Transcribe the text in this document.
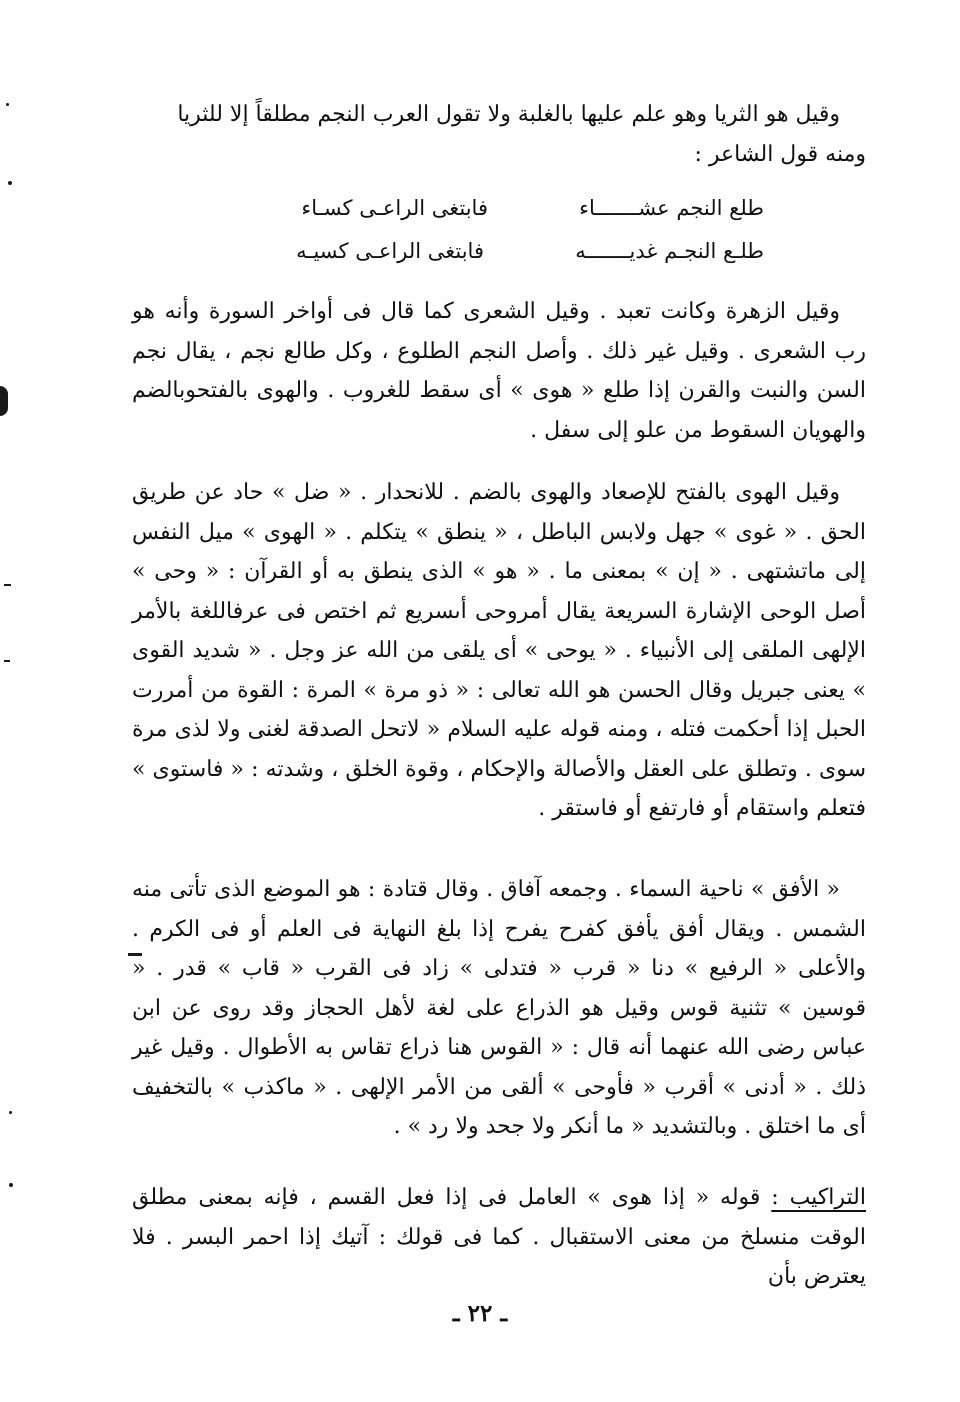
وقيل هو الثريا وهو علم عليها بالغلبة ولا تقول العرب النجم مطلقاً إلا للثريا

ومنه قول الشاعر :

طلع النجم عشـــــــاء
فابتغى الراعـى كسـاء
طلـع النجـم غديـــــــه
فابتغى الراعـى كسيـه

وقيل الزهرة وكانت تعبد . وقيل الشعرى كما قال فى أواخر السورة وأنه هو رب الشعرى . وقيل غير ذلك . وأصل النجم الطلوع ، وكل طالع نجم ، يقال نجم السن والنبت والقرن إذا طلع « هوى » أى سقط للغروب . والهوى بالفتحوبالضم والهويان السقوط من علو إلى سفل .

وقيل الهوى بالفتح للإصعاد والهوى بالضم . للانحدار . « ضل » حاد عن طريق الحق . « غوى » جهل ولابس الباطل ، « ينطق » يتكلم . « الهوى » ميل النفس إلى ماتشتهى . « إن » بمعنى ما . « هو » الذى ينطق به أو القرآن : « وحى » أصل الوحى الإشارة السريعة يقال أمروحى أىسريع ثم اختص فى عرفاللغة بالأمر الإلهى الملقى إلى الأنبياء . « يوحى » أى يلقى من الله عز وجل . « شديد القوى » يعنى جبريل وقال الحسن هو الله تعالى : « ذو مرة » المرة : القوة من أمررت الحبل إذا أحكمت فتله ، ومنه قوله عليه السلام « لاتحل الصدقة لغنى ولا لذى مرة سوى . وتطلق على العقل والأصالة والإحكام ، وقوة الخلق ، وشدته : « فاستوى » فتعلم واستقام أو فارتفع أو فاستقر .

« الأفق » ناحية السماء . وجمعه آفاق . وقال قتادة : هو الموضع الذى تأتى منه الشمس . ويقال أفق يأفق كفرح يفرح إذا بلغ النهاية فى العلم أو فى الكرم . والأعلى « الرفيع » دنا « قرب « فتدلى » زاد فى القرب « قاب » قدر . « قوسين » تثنية قوس وقيل هو الذراع على لغة لأهل الحجاز وقد روى عن ابن عباس رضى الله عنهما أنه قال : « القوس هنا ذراع تقاس به الأطوال . وقيل غير ذلك . « أدنى » أقرب « فأوحى » ألقى من الأمر الإلهى . « ماكذب » بالتخفيف أى ما اختلق . وبالتشديد « ما أنكر ولا جحد ولا رد » .

التراكيب : قوله « إذا هوى » العامل فى إذا فعل القسم ، فإنه بمعنى مطلق الوقت منسلخ من معنى الاستقبال . كما فى قولك : آتيك إذا احمر البسر . فلا يعترض بأن

ـ ٢٢ ـ
